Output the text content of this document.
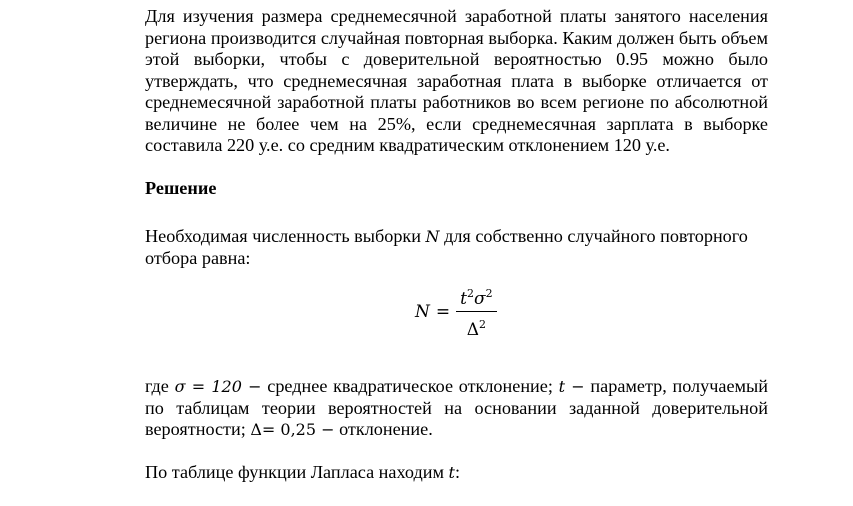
Для изучения размера среднемесячной заработной платы занятого населения региона производится случайная повторная выборка. Каким должен быть объем этой выборки, чтобы с доверительной вероятностью 0.95 можно было утверждать, что среднемесячная заработная плата в выборке отличается от среднемесячной заработной платы работников во всем регионе по абсолютной величине не более чем на 25%, если среднемесячная зарплата в выборке составила 220 у.е. со средним квадратическим отклонением 120 у.е.

Решение

Необходимая численность выборки N для собственно случайного повторного отбора равна:

$N = \frac{t^2\sigma^2}{\Delta^2}$

где σ = 120 − среднее квадратическое отклонение; t − параметр, получаемый по таблицам теории вероятностей на основании заданной доверительной вероятности; Δ= 0,25 − отклонение.

По таблице функции Лапласа находим t:
